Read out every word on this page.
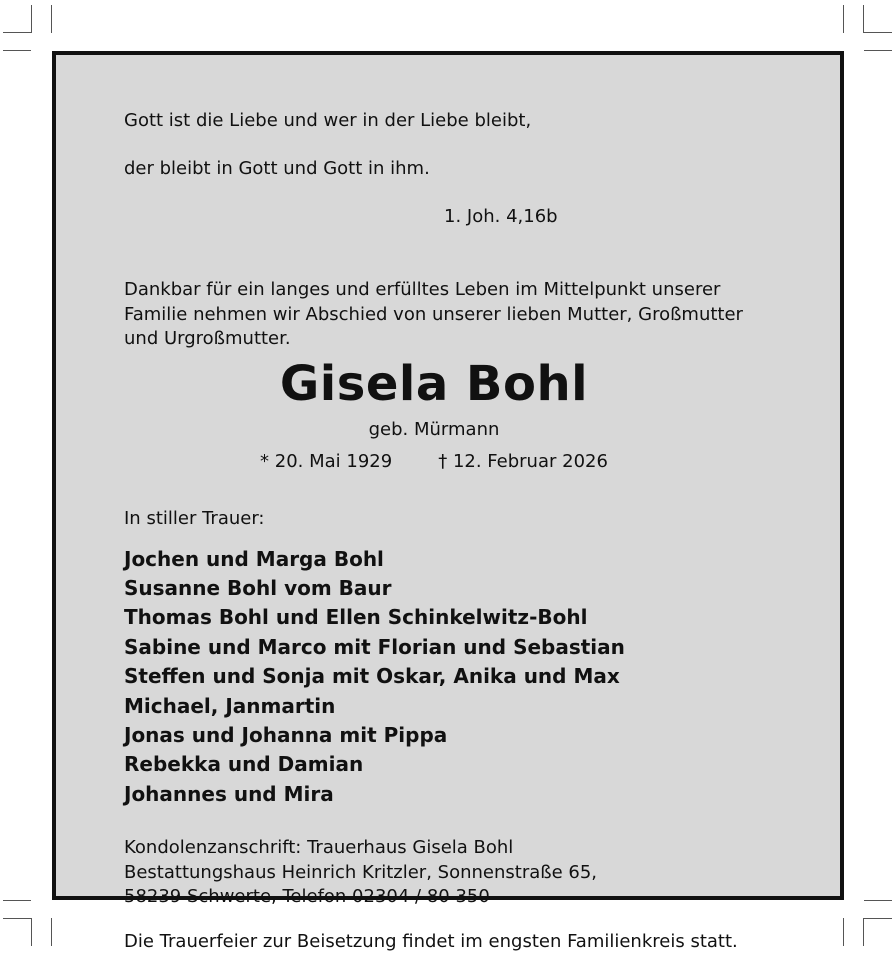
Gott ist die Liebe und wer in der Liebe bleibt,

der bleibt in Gott und Gott in ihm.

1. Joh. 4,16b

Dankbar für ein langes und erfülltes Leben im Mittelpunkt unserer
Familie nehmen wir Abschied von unserer lieben Mutter, Großmutter
und Urgroßmutter.
Gisela Bohl
geb. Mürmann
* 20. Mai 1929	† 12. Februar 2026
In stiller Trauer:
Jochen und Marga Bohl
Susanne Bohl vom Baur
Thomas Bohl und Ellen Schinkelwitz-Bohl
Sabine und Marco mit Florian und Sebastian
Steffen und Sonja mit Oskar, Anika und Max
Michael, Janmartin
Jonas und Johanna mit Pippa
Rebekka und Damian
Johannes und Mira
Kondolenzanschrift: Trauerhaus Gisela Bohl
Bestattungshaus Heinrich Kritzler, Sonnenstraße 65,
58239 Schwerte, Telefon 02304 / 80 350
Die Trauerfeier zur Beisetzung findet im engsten Familienkreis statt.
